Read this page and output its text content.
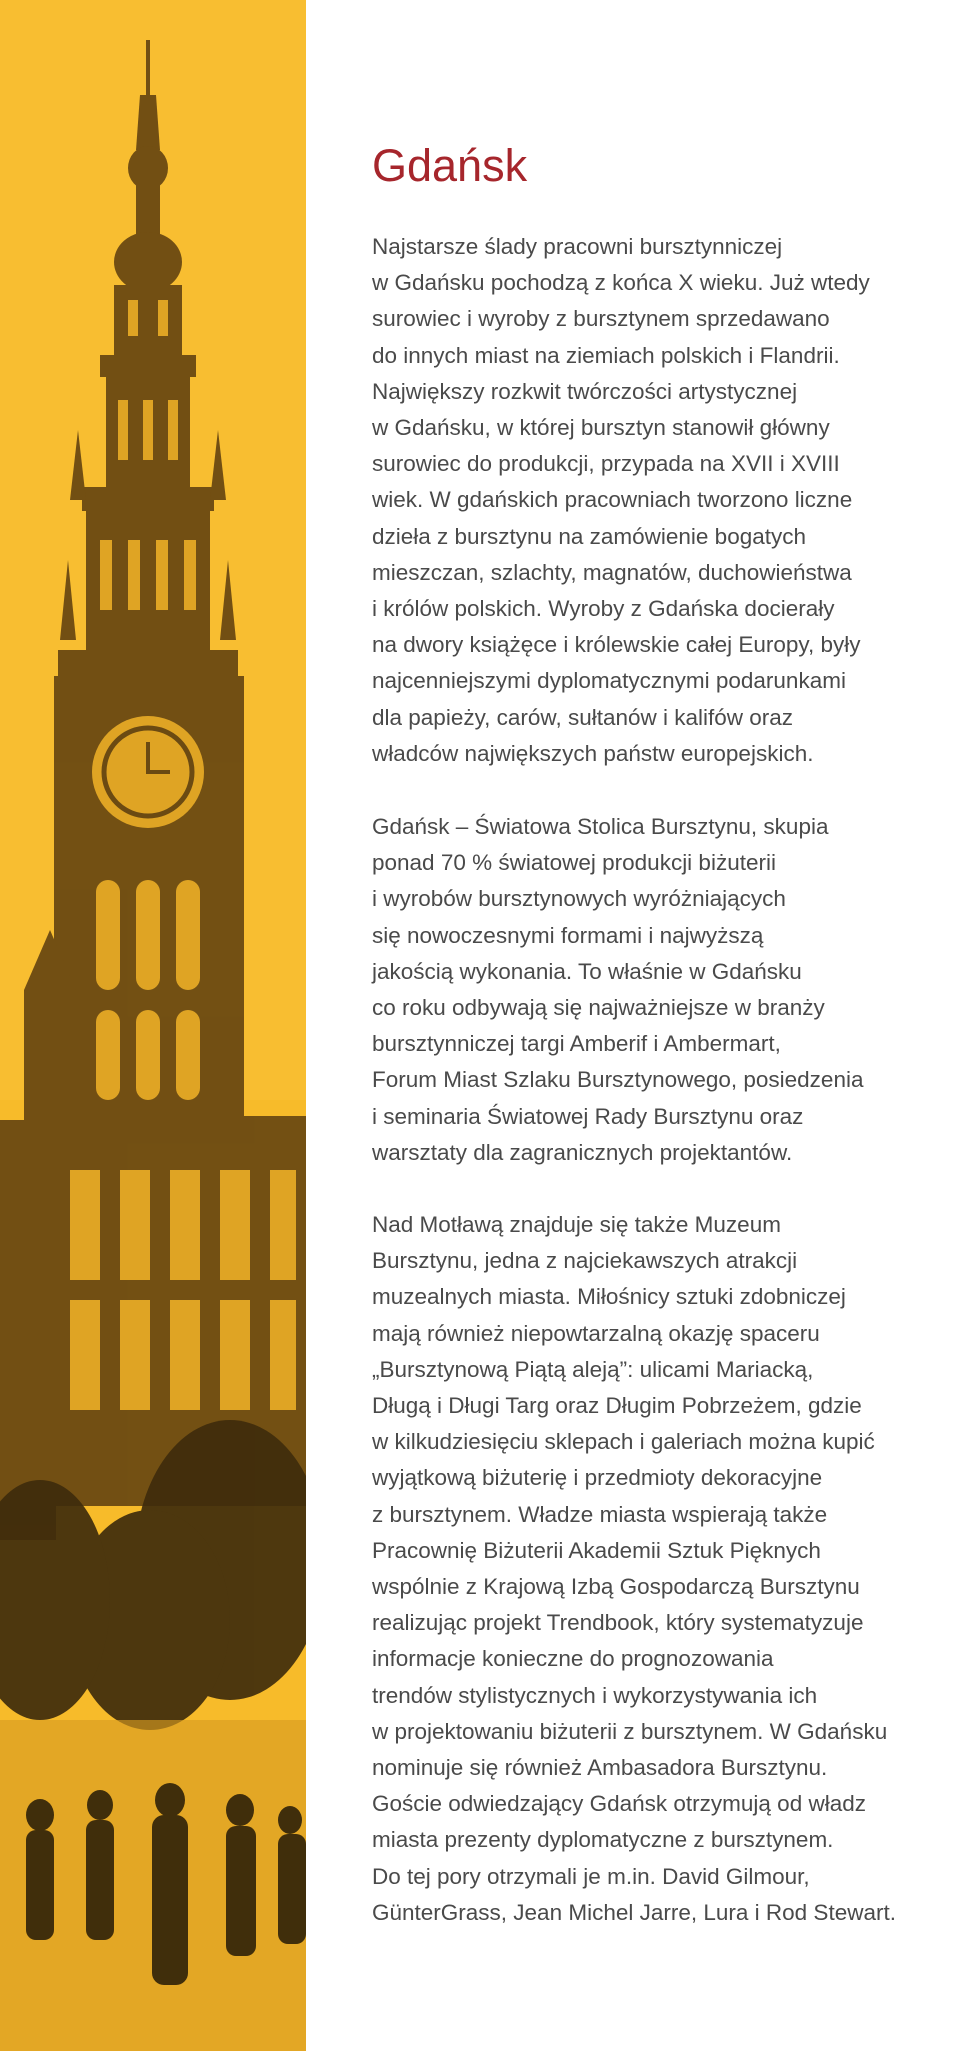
Gdańsk

Najstarsze ślady pracowni bursztynniczej
w Gdańsku pochodzą z końca X wieku. Już wtedy
surowiec i wyroby z bursztynem sprzedawano
do innych miast na ziemiach polskich i Flandrii.
Największy rozkwit twórczości artystycznej
w Gdańsku, w której bursztyn stanowił główny
surowiec do produkcji, przypada na XVII i XVIII
wiek. W gdańskich pracowniach tworzono liczne
dzieła z bursztynu na zamówienie bogatych
mieszczan, szlachty, magnatów, duchowieństwa
i królów polskich. Wyroby z Gdańska docierały
na dwory książęce i królewskie całej Europy, były
najcenniejszymi dyplomatycznymi podarunkami
dla papieży, carów, sułtanów i kalifów oraz
władców największych państw europejskich.

Gdańsk – Światowa Stolica Bursztynu, skupia
ponad 70 % światowej produkcji biżuterii
i wyrobów bursztynowych wyróżniających
się nowoczesnymi formami i najwyższą
jakością wykonania. To właśnie w Gdańsku
co roku odbywają się najważniejsze w branży
bursztynniczej targi Amberif i Ambermart,
Forum Miast Szlaku Bursztynowego, posiedzenia
i seminaria Światowej Rady Bursztynu oraz
warsztaty dla zagranicznych projektantów.

Nad Motławą znajduje się także Muzeum
Bursztynu, jedna z najciekawszych atrakcji
muzealnych miasta. Miłośnicy sztuki zdobniczej
mają również niepowtarzalną okazję spaceru
„Bursztynową Piątą aleją”: ulicami Mariacką,
Długą i Długi Targ oraz Długim Pobrzeżem, gdzie
w kilkudziesięciu sklepach i galeriach można kupić
wyjątkową biżuterię i przedmioty dekoracyjne
z bursztynem. Władze miasta wspierają także
Pracownię Biżuterii Akademii Sztuk Pięknych
wspólnie z Krajową Izbą Gospodarczą Bursztynu
realizując projekt Trendbook, który systematyzuje
informacje konieczne do prognozowania
trendów stylistycznych i wykorzystywania ich
w projektowaniu biżuterii z bursztynem. W Gdańsku
nominuje się również Ambasadora Bursztynu.
Goście odwiedzający Gdańsk otrzymują od władz
miasta prezenty dyplomatyczne z bursztynem.
Do tej pory otrzymali je m.in. David Gilmour,
GünterGrass, Jean Michel Jarre, Lura i Rod Stewart.
